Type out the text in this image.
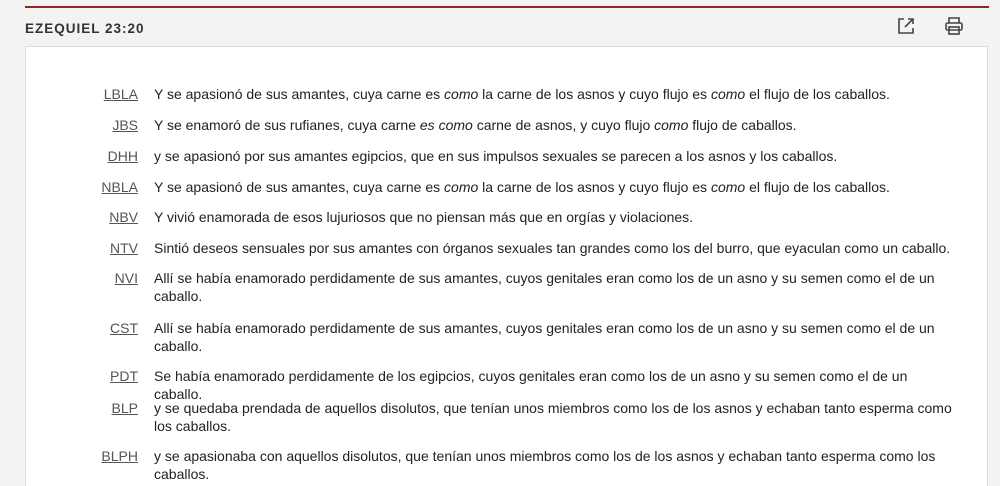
EZEQUIEL 23:20
LBLA Y se apasionó de sus amantes, cuya carne es como la carne de los asnos y cuyo flujo es como el flujo de los caballos.
JBS Y se enamoró de sus rufianes, cuya carne es como carne de asnos, y cuyo flujo como flujo de caballos.
DHH y se apasionó por sus amantes egipcios, que en sus impulsos sexuales se parecen a los asnos y los caballos.
NBLA Y se apasionó de sus amantes, cuya carne es como la carne de los asnos y cuyo flujo es como el flujo de los caballos.
NBV Y vivió enamorada de esos lujuriosos que no piensan más que en orgías y violaciones.
NTV Sintió deseos sensuales por sus amantes con órganos sexuales tan grandes como los del burro, que eyaculan como un caballo.
NVI Allí se había enamorado perdidamente de sus amantes, cuyos genitales eran como los de un asno y su semen como el de un caballo.
CST Allí se había enamorado perdidamente de sus amantes, cuyos genitales eran como los de un asno y su semen como el de un caballo.
PDT Se había enamorado perdidamente de los egipcios, cuyos genitales eran como los de un asno y su semen como el de un caballo.
BLP y se quedaba prendada de aquellos disolutos, que tenían unos miembros como los de los asnos y echaban tanto esperma como los caballos.
BLPH y se apasionaba con aquellos disolutos, que tenían unos miembros como los de los asnos y echaban tanto esperma como los caballos.
